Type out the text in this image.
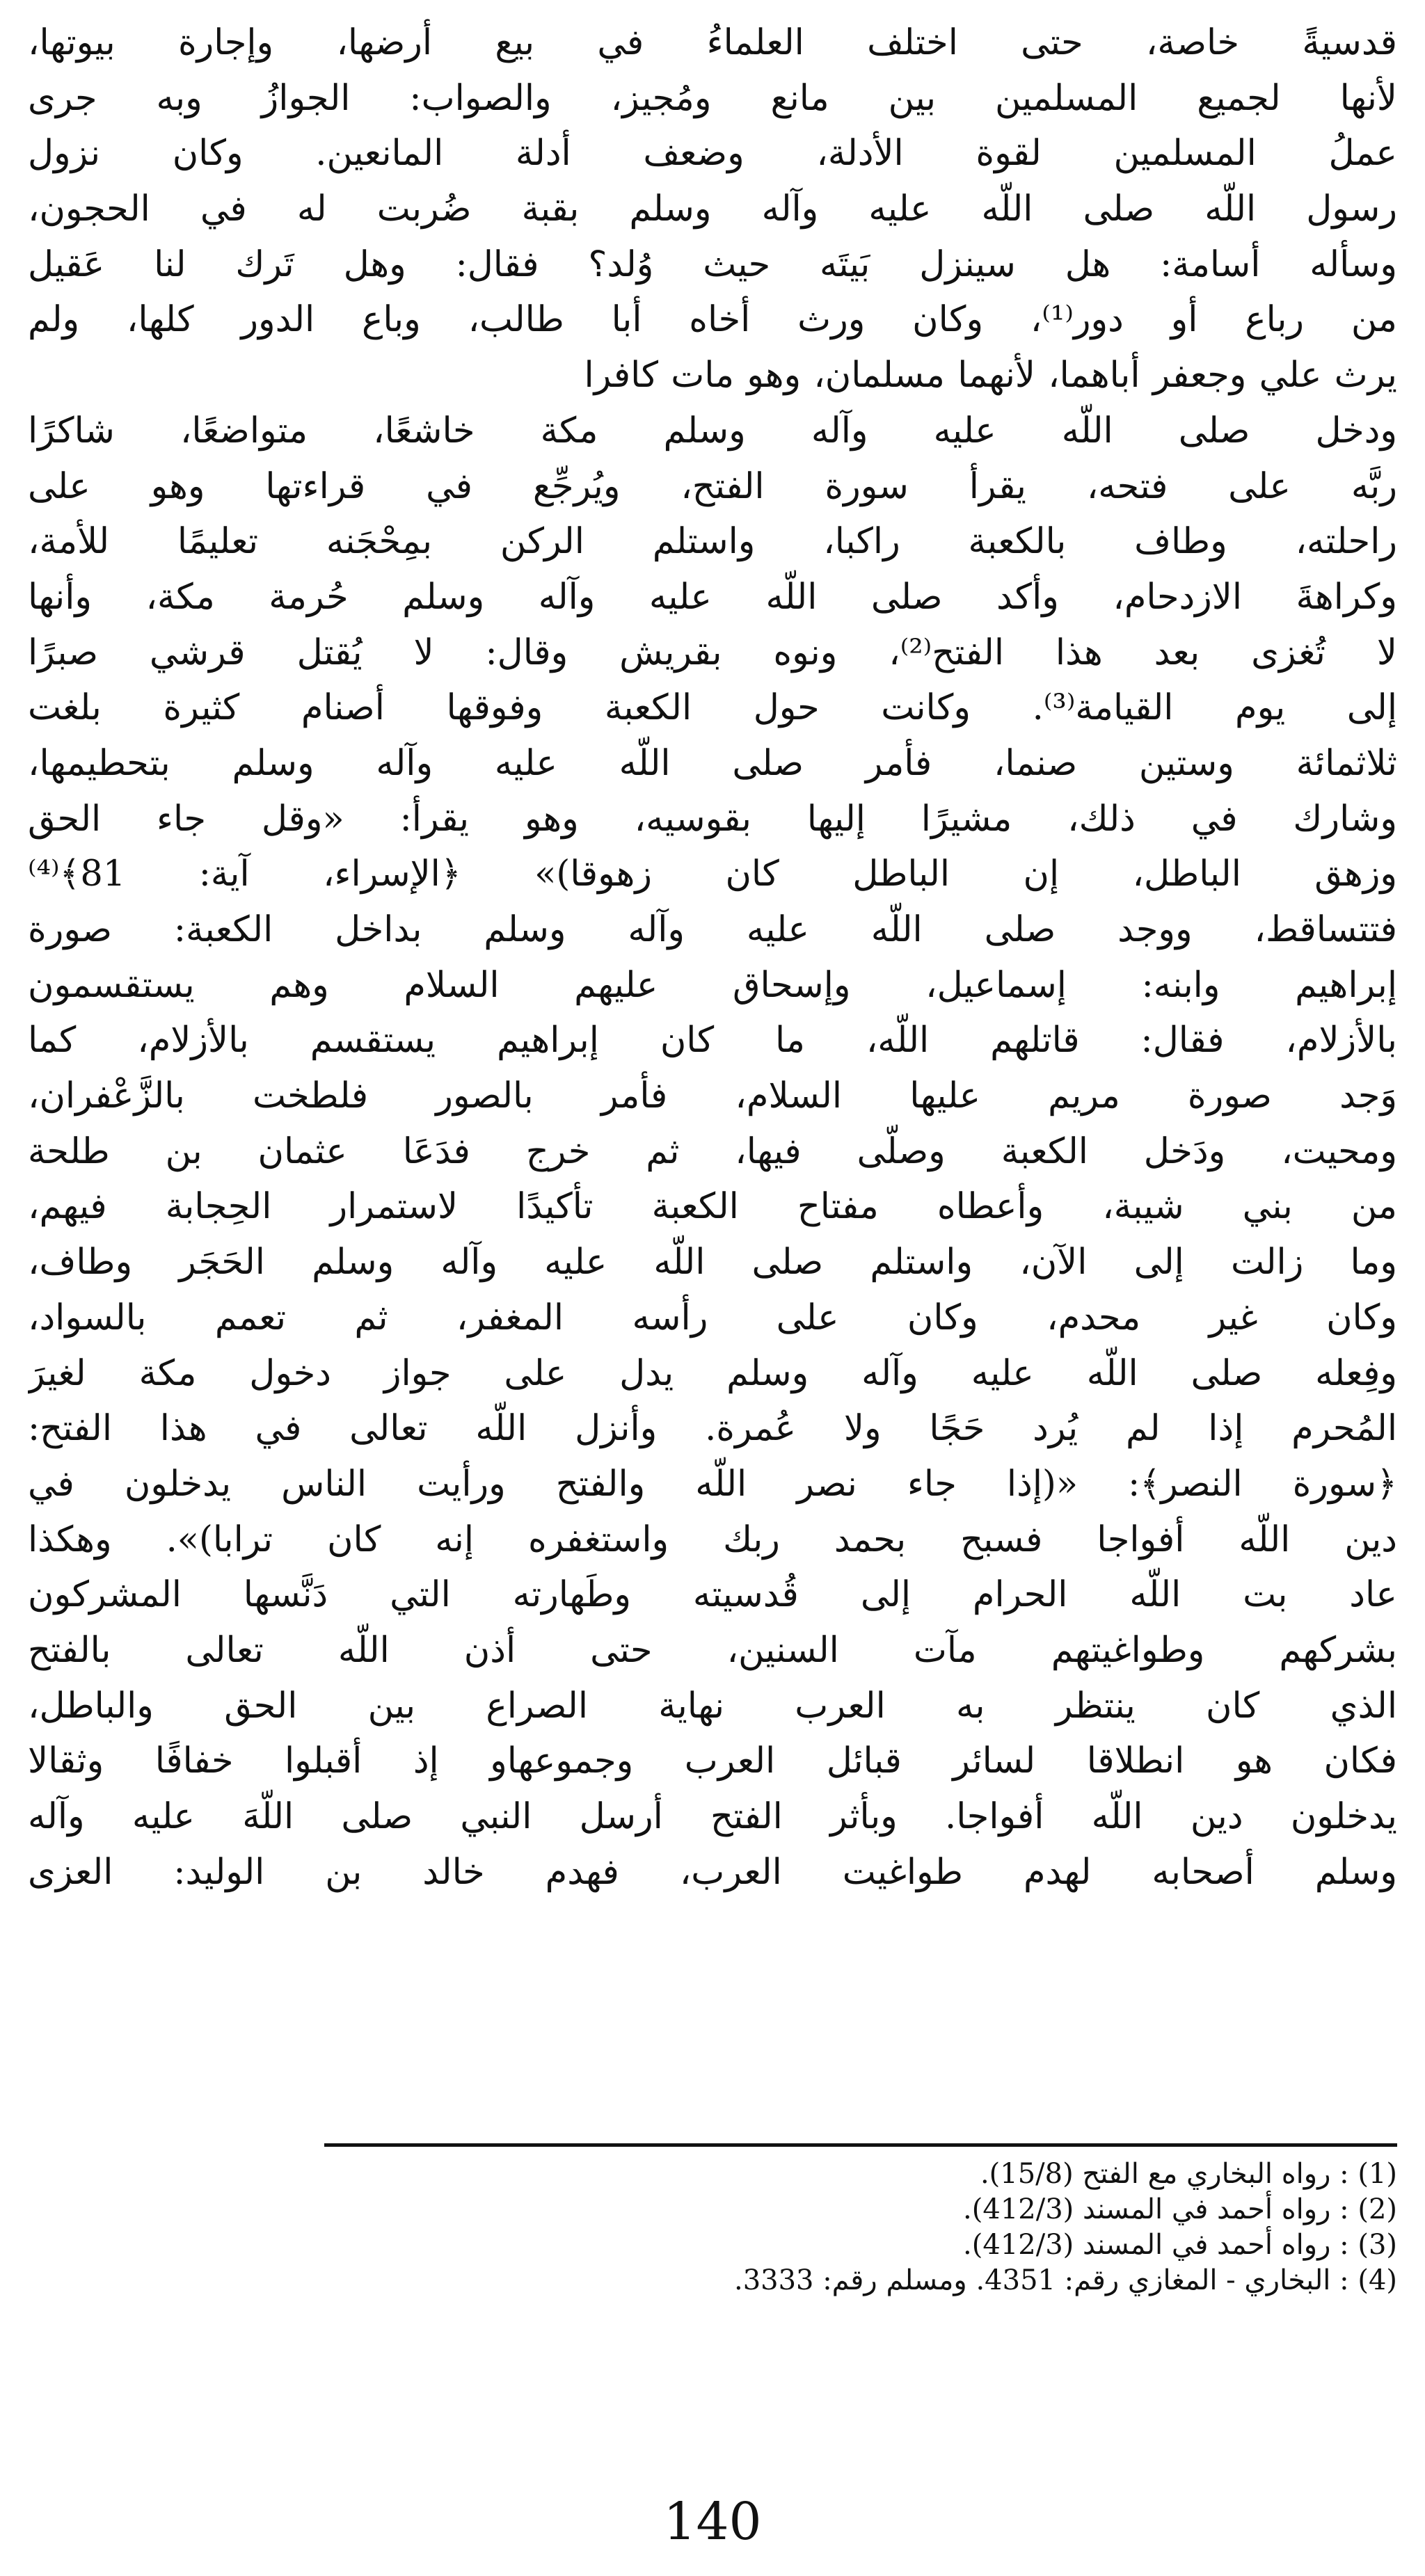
قدسيةً خاصة، حتى اختلف العلماءُ في بيع أرضها، وإجارة بيوتها،
لأنها لجميع المسلمين بين مانع ومُجيز، والصواب: الجوازُ وبه جرى
عملُ المسلمين لقوة الأدلة، وضعف أدلة المانعين. وكان نزول
رسول اللّه صلى اللّه عليه وآله وسلم بقبة ضُربت له في الحجون،
وسأله أسامة: هل سينزل بَيتَه حيث وُلد؟ فقال: وهل تَرك لنا عَقيل
من رباع أو دور⁽¹⁾، وكان ورث أخاه أبا طالب، وباع الدور كلها، ولم
يرث علي وجعفر أباهما، لأنهما مسلمان، وهو مات كافرا
ودخل صلى اللّه عليه وآله وسلم مكة خاشعًا، متواضعًا، شاكرًا
ربَّه على فتحه، يقرأ سورة الفتح، ويُرجِّع في قراءتها وهو على
راحلته، وطاف بالكعبة راكبا، واستلم الركن بمِحْجَنه تعليمًا للأمة،
وكراهةَ الازدحام، وأكد صلى اللّه عليه وآله وسلم حُرمة مكة، وأنها
لا تُغزى بعد هذا الفتح⁽²⁾، ونوه بقريش وقال: لا يُقتل قرشي صبرًا
إلى يوم القيامة⁽³⁾. وكانت حول الكعبة وفوقها أصنام كثيرة بلغت
ثلاثمائة وستين صنما، فأمر صلى اللّه عليه وآله وسلم بتحطيمها،
وشارك في ذلك، مشيرًا إليها بقوسيه، وهو يقرأ: «وقل جاء الحق
وزهق الباطل، إن الباطل كان زهوقا)» ﴿الإسراء، آية: 81﴾⁽⁴⁾
فتتساقط، ووجد صلى اللّه عليه وآله وسلم بداخل الكعبة: صورة
إبراهيم وابنه: إسماعيل، وإسحاق عليهم السلام وهم يستقسمون
بالأزلام، فقال: قاتلهم اللّه، ما كان إبراهيم يستقسم بالأزلام، كما
وَجد صورة مريم عليها السلام، فأمر بالصور فلطخت بالزَّعْفران،
ومحيت، ودَخل الكعبة وصلّى فيها، ثم خرج فدَعَا عثمان بن طلحة
من بني شيبة، وأعطاه مفتاح الكعبة تأكيدًا لاستمرار الحِجابة فيهم،
وما زالت إلى الآن، واستلم صلى اللّه عليه وآله وسلم الحَجَر وطاف،
وكان غير محدم، وكان على رأسه المغفر، ثم تعمم بالسواد،
وفِعله صلى اللّه عليه وآله وسلم يدل على جواز دخول مكة لغيرَ
المُحرم إذا لم يُرد حَجًا ولا عُمرة. وأنزل اللّه تعالى في هذا الفتح:
﴿سورة النصر﴾: «(إذا جاء نصر اللّه والفتح ورأيت الناس يدخلون في
دين اللّه أفواجا فسبح بحمد ربك واستغفره إنه كان ترابا)». وهكذا
عاد بت اللّه الحرام إلى قُدسيته وطَهارته التي دَنَّسها المشركون
بشركهم وطواغيتهم مآت السنين، حتى أذن اللّه تعالى بالفتح
الذي كان ينتظر به العرب نهاية الصراع بين الحق والباطل،
فكان هو انطلاقا لسائر قبائل العرب وجموعهاو إذ أقبلوا خفافًا وثقالا
يدخلون دين اللّه أفواجا. وبأثر الفتح أرسل النبي صلى اللّهَ عليه وآله
وسلم أصحابه لهدم طواغيت العرب، فهدم خالد بن الوليد: العزى
(1) : رواه البخاري مع الفتح (15/8).
(2) : رواه أحمد في المسند (412/3).
(3) : رواه أحمد في المسند (412/3).
(4) : البخاري - المغازي رقم: 4351. ومسلم رقم: 3333.
140
